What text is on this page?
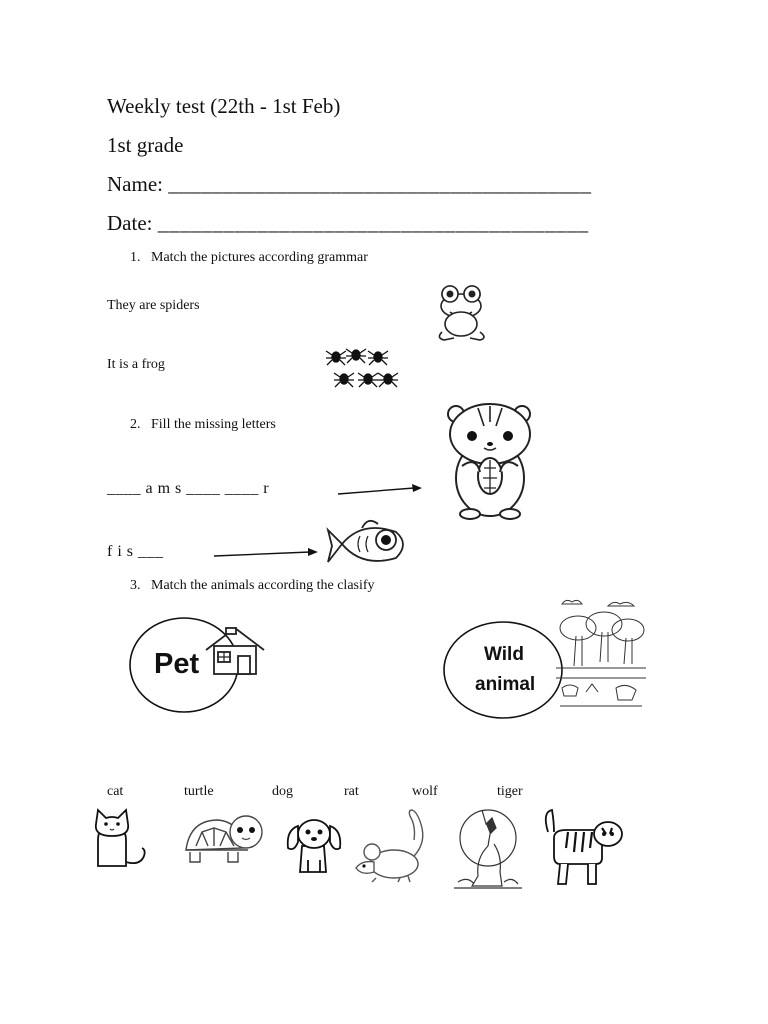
Weekly test (22th - 1st Feb)
1st grade
Name: _______________________________________
Date: _______________________________________
1. Match the pictures according grammar
They are spiders
It is a frog
2. Fill the missing letters
____ a m s ____ ____ r
f i s ___
3. Match the animals according the clasify
Pet	Wild
animal
cat	turtle	dog	rat	wolf	tiger
